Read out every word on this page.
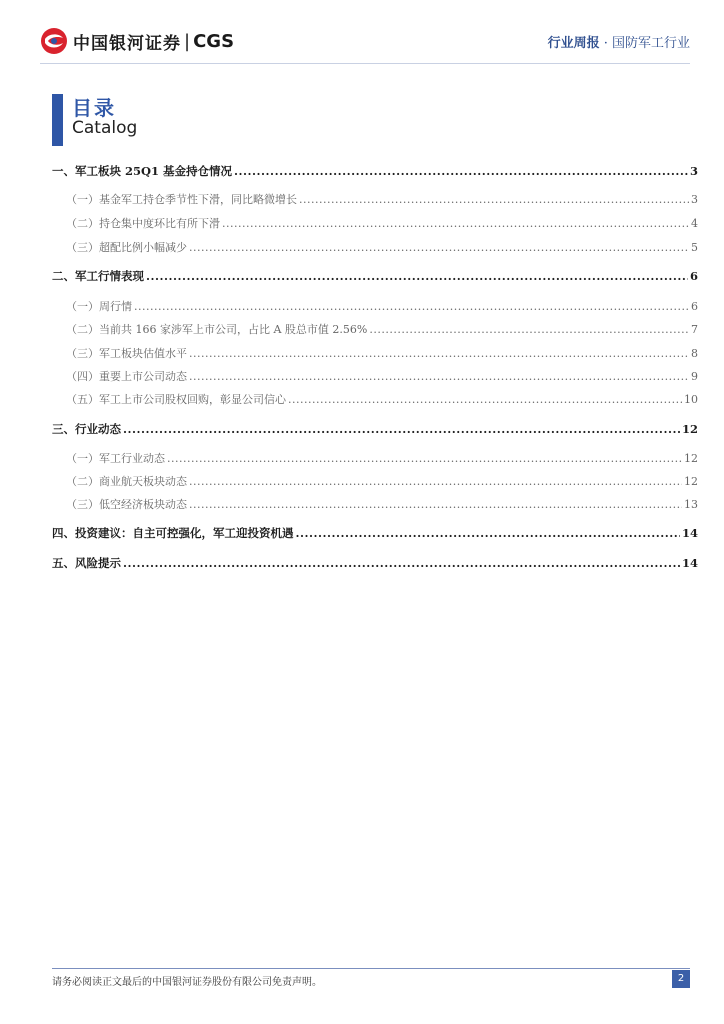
中国银河证券 | CGS	行业周报 · 国防军工行业
目录
Catalog
一、 军工板块 25Q1 基金持仓情况 .....	3
（一） 基金军工持仓季节性下滑，同比略微增长 .....	3
（二） 持仓集中度环比有所下滑 .....	4
（三） 超配比例小幅减少 .....	5
二、 军工行情表现 .....	6
（一） 周行情 .....	6
（二） 当前共 166 家涉军上市公司，占比 A 股总市值 2.56% .....	7
（三） 军工板块估值水平 .....	8
（四） 重要上市公司动态 .....	9
（五） 军工上市公司股权回购，彰显公司信心 .....	10
三、 行业动态 .....	12
（一） 军工行业动态 .....	12
（二） 商业航天板块动态 .....	12
（三） 低空经济板块动态 .....	13
四、 投资建议：自主可控强化，军工迎投资机遇 .....	14
五、 风险提示 .....	14
请务必阅读正文最后的中国银河证券股份有限公司免责声明。	2
